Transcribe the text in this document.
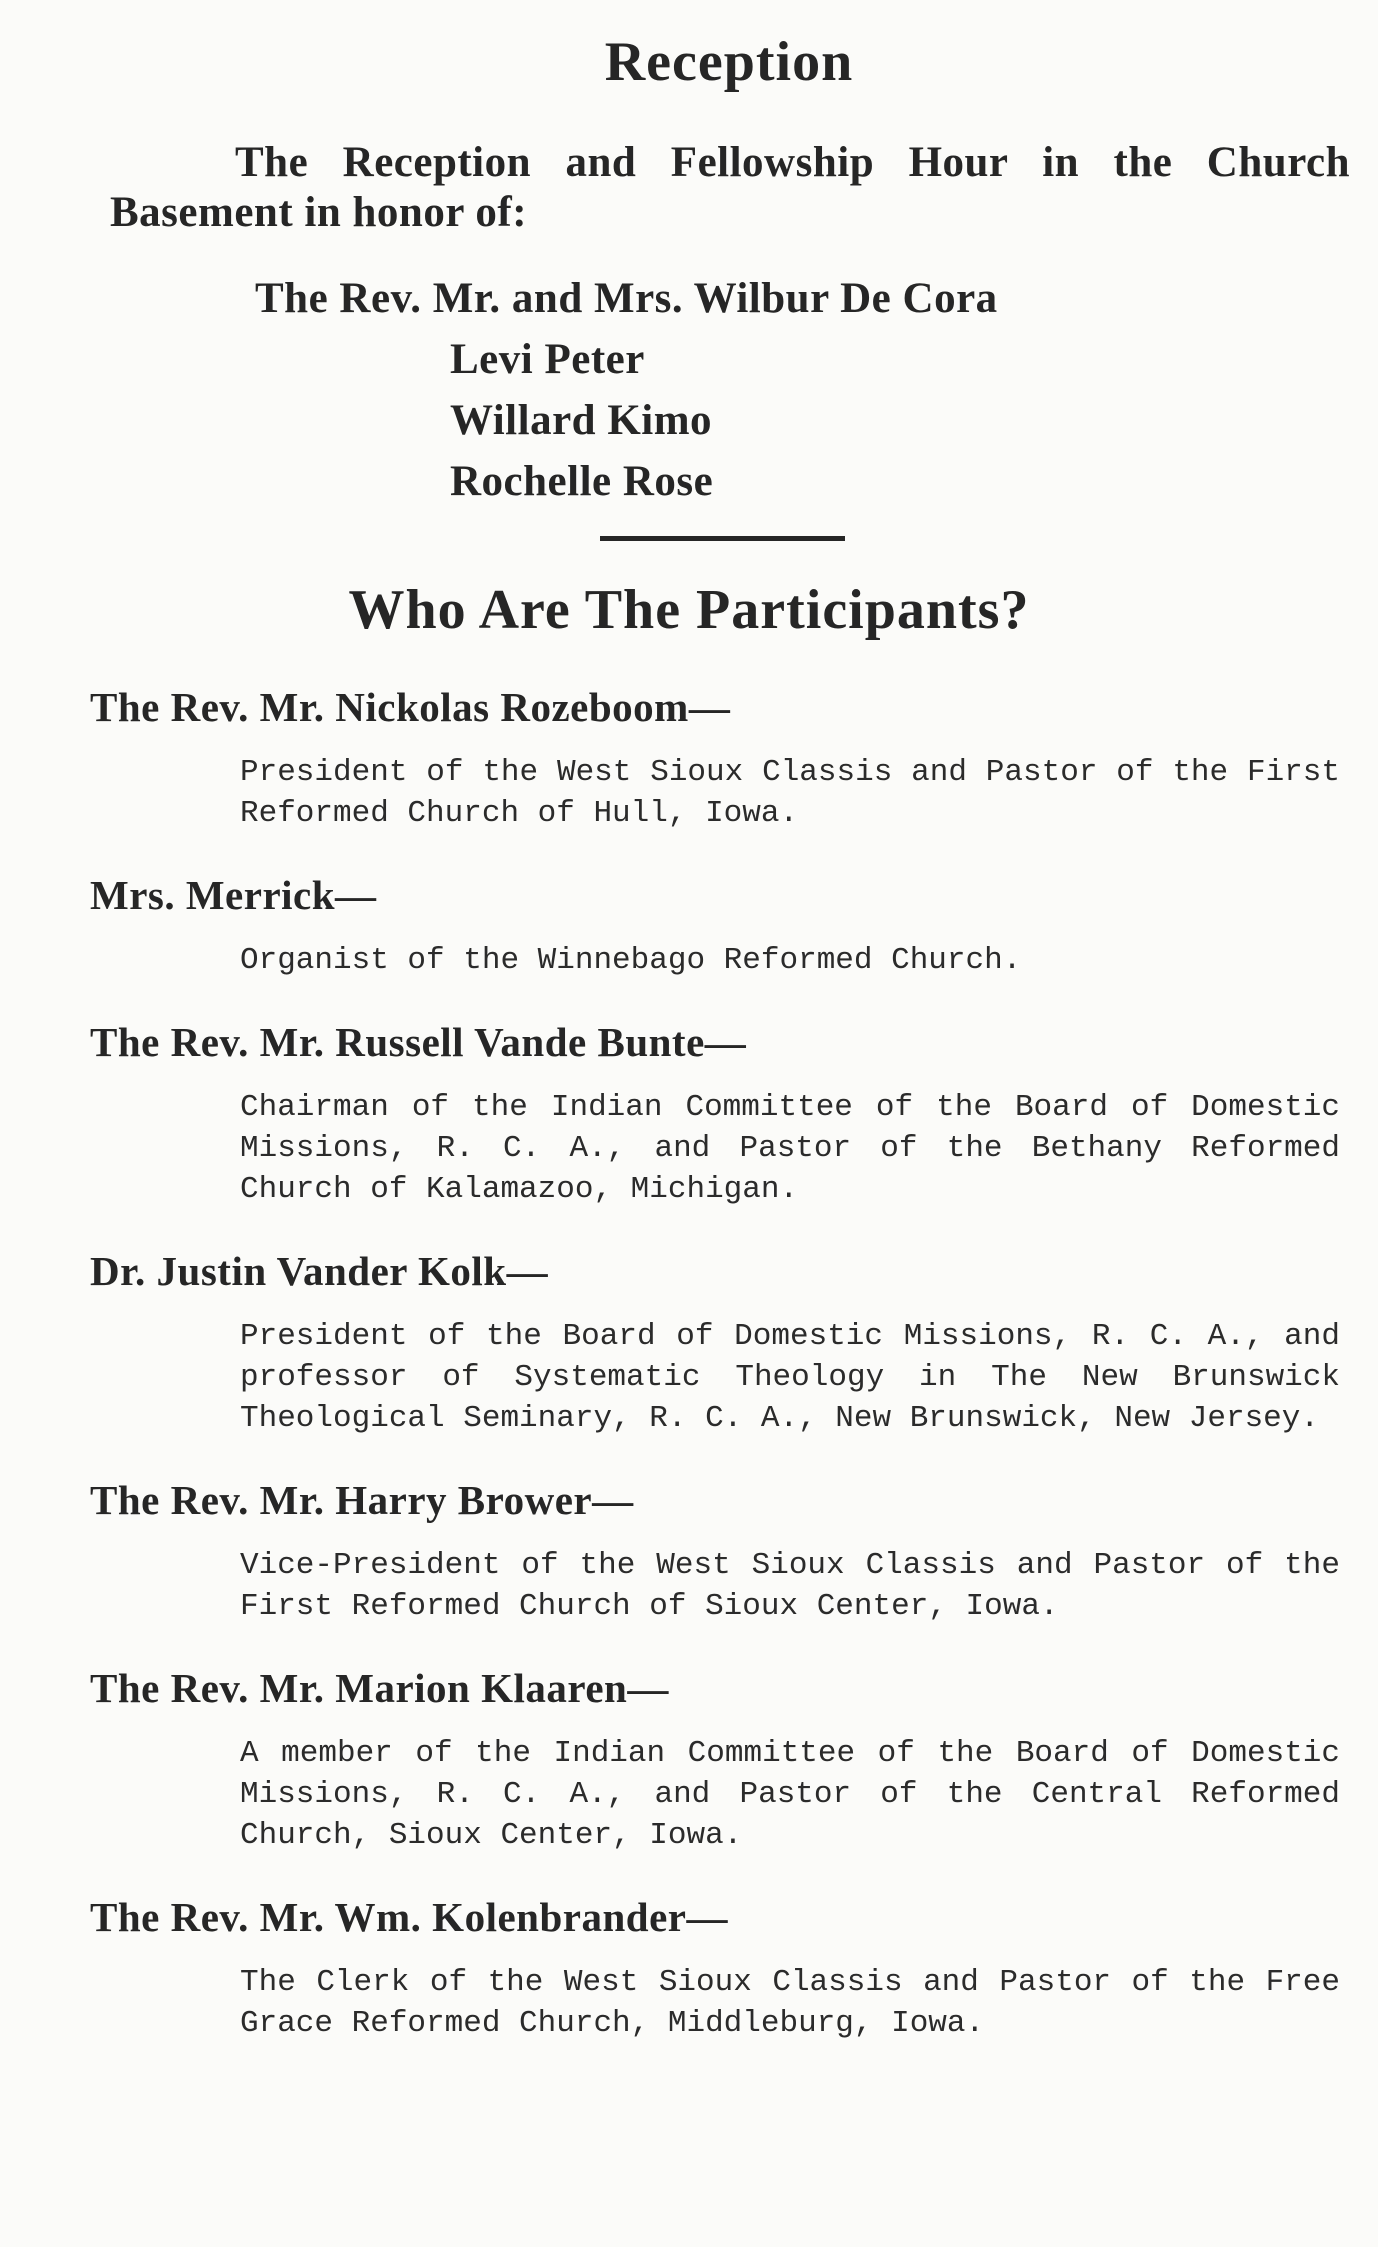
Reception
The Reception and Fellowship Hour in the Church
Basement in honor of:
The Rev. Mr. and Mrs. Wilbur De Cora
Levi Peter
Willard Kimo
Rochelle Rose
Who Are The Participants?
The Rev. Mr. Nickolas Rozeboom—
President of the West Sioux Classis and Pastor of the First Reformed Church of Hull, Iowa.
Mrs. Merrick—
Organist of the Winnebago Reformed Church.
The Rev. Mr. Russell Vande Bunte—
Chairman of the Indian Committee of the Board of Domestic Missions, R. C. A., and Pastor of the Bethany Reformed Church of Kalamazoo, Michigan.
Dr. Justin Vander Kolk—
President of the Board of Domestic Missions, R. C. A., and professor of Systematic Theology in The New Brunswick Theological Seminary, R. C. A., New Brunswick, New Jersey.
The Rev. Mr. Harry Brower—
Vice-President of the West Sioux Classis and Pastor of the First Reformed Church of Sioux Center, Iowa.
The Rev. Mr. Marion Klaaren—
A member of the Indian Committee of the Board of Domestic Missions, R. C. A., and Pastor of the Central Reformed Church, Sioux Center, Iowa.
The Rev. Mr. Wm. Kolenbrander—
The Clerk of the West Sioux Classis and Pastor of the Free Grace Reformed Church, Middleburg, Iowa.
